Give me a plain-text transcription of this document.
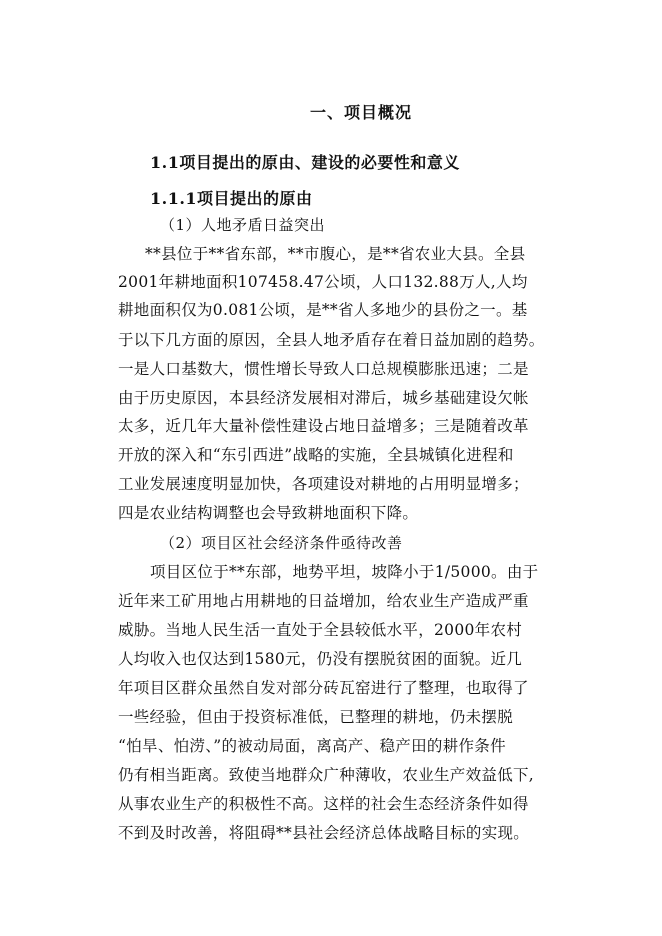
一、项目概况
1.1项目提出的原由、建设的必要性和意义
1.1.1项目提出的原由
（1）人地矛盾日益突出
**县位于**省东部，**市腹心，是**省农业大县。全县
2001年耕地面积107458.47公顷，人口132.88万人,人均
耕地面积仅为0.081公顷，是**省人多地少的县份之一。基
于以下几方面的原因，全县人地矛盾存在着日益加剧的趋势。
一是人口基数大，惯性增长导致人口总规模膨胀迅速；二是
由于历史原因，本县经济发展相对滞后，城乡基础建设欠帐
太多，近几年大量补偿性建设占地日益增多；三是随着改革
开放的深入和“东引西进”战略的实施，全县城镇化进程和
工业发展速度明显加快，各项建设对耕地的占用明显增多；
四是农业结构调整也会导致耕地面积下降。
（2）项目区社会经济条件亟待改善
项目区位于**东部，地势平坦，坡降小于1/5000。由于
近年来工矿用地占用耕地的日益增加，给农业生产造成严重
威胁。当地人民生活一直处于全县较低水平，2000年农村
人均收入也仅达到1580元，仍没有摆脱贫困的面貌。近几
年项目区群众虽然自发对部分砖瓦窑进行了整理，也取得了
一些经验，但由于投资标准低，已整理的耕地，仍未摆脱
“怕旱、怕涝、”的被动局面，离高产、稳产田的耕作条件
仍有相当距离。致使当地群众广种薄收，农业生产效益低下,
从事农业生产的积极性不高。这样的社会生态经济条件如得
不到及时改善，将阻碍**县社会经济总体战略目标的实现。
